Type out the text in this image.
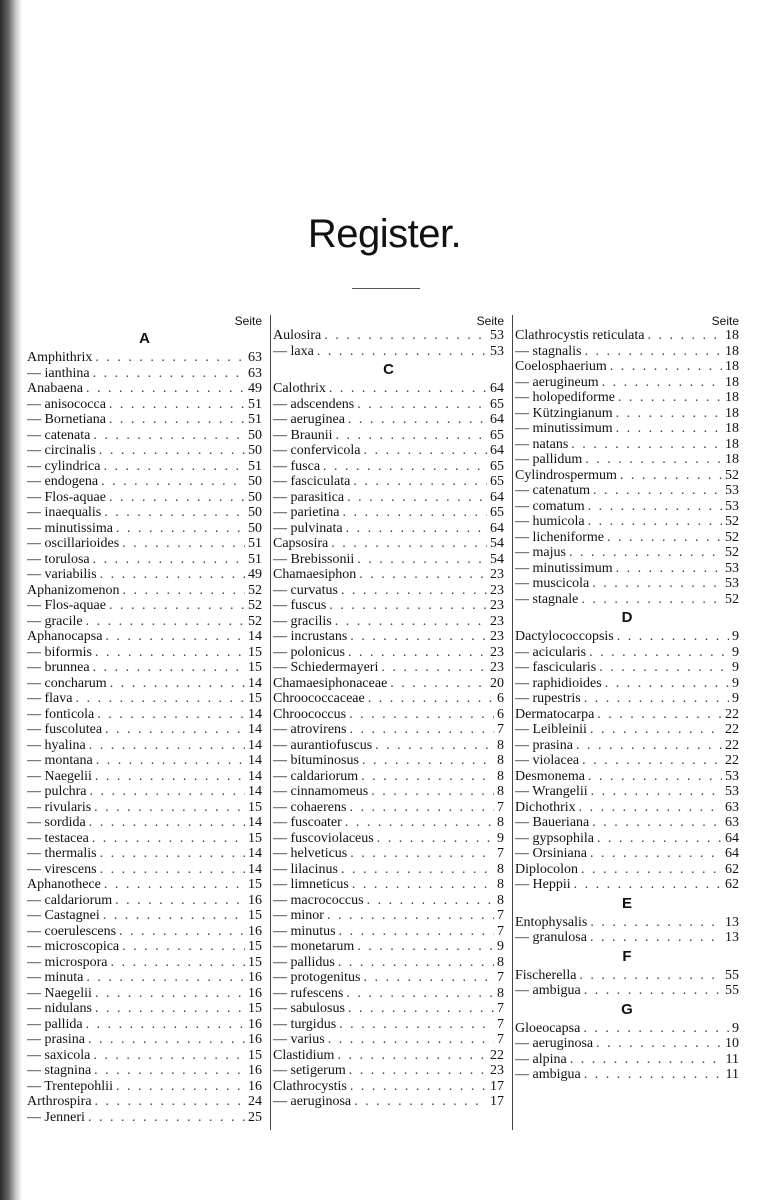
Register.
Seite
A
Amphithrix . . .	63
— ianthina . . .	63
Anabaena . . .	49
— anisococca . . .	51
— Bornetiana . . .	51
— catenata . . .	50
— circinalis . . .	50
— cylindrica . . .	51
— endogena . . .	50
— Flos-aquae . . .	50
— inaequalis . . .	50
— minutissima . . .	50
— oscillarioides . . .	51
— torulosa . . .	51
— variabilis . . .	49
Aphanizomenon . . .	52
— Flos-aquae . . .	52
— gracile . . .	52
Aphanocapsa . . .	14
— biformis . . .	15
— brunnea . . .	15
— concharum . . .	14
— flava . . .	15
— fonticola . . .	14
— fuscolutea . . .	14
— hyalina . . .	14
— montana . . .	14
— Naegelii . . .	14
— pulchra . . .	14
— rivularis . . .	15
— sordida . . .	14
— testacea . . .	15
— thermalis . . .	14
— virescens . . .	14
Aphanothece . . .	15
— caldariorum . . .	16
— Castagnei . . .	15
— coerulescens . . .	16
— microscopica . . .	15
— microspora . . .	15
— minuta . . .	16
— Naegelii . . .	16
— nidulans . . .	15
— pallida . . .	16
— prasina . . .	16
— saxicola . . .	15
— stagnina . . .	16
— Trentepohlii . . .	16
Arthrospira . . .	24
— Jenneri . . .	25
Seite
Aulosira . . .	53
— laxa . . .	53
C
Calothrix . . .	64
— adscendens . . .	65
— aeruginea . . .	64
— Braunii . . .	65
— confervicola . . .	64
— fusca . . .	65
— fasciculata . . .	65
— parasitica . . .	64
— parietina . . .	65
— pulvinata . . .	64
Capsosira . . .	54
— Brebissonii . . .	54
Chamaesiphon . . .	23
— curvatus . . .	23
— fuscus . . .	23
— gracilis . . .	23
— incrustans . . .	23
— polonicus . . .	23
— Schiedermayeri . . .	23
Chamaesiphonaceae . . .	20
Chroococcaceae . . .	6
Chroococcus . . .	6
— atrovirens . . .	7
— aurantiofuscus . . .	8
— bituminosus . . .	8
— caldariorum . . .	8
— cinnamomeus . . .	8
— cohaerens . . .	7
— fuscoater . . .	8
— fuscoviolaceus . . .	9
— helveticus . . .	7
— lilacinus . . .	8
— limneticus . . .	8
— macrococcus . . .	8
— minor . . .	7
— minutus . . .	7
— monetarum . . .	9
— pallidus . . .	8
— protogenitus . . .	7
— rufescens . . .	8
— sabulosus . . .	7
— turgidus . . .	7
— varius . . .	7
Clastidium . . .	22
— setigerum . . .	23
Clathrocystis . . .	17
— aeruginosa . . .	17
Seite
Clathrocystis reticulata . . .	18
— stagnalis . . .	18
Coelosphaerium . . .	18
— aerugineum . . .	18
— holopediforme . . .	18
— Kützingianum . . .	18
— minutissimum . . .	18
— natans . . .	18
— pallidum . . .	18
Cylindrospermum . . .	52
— catenatum . . .	53
— comatum . . .	53
— humicola . . .	52
— licheniforme . . .	52
— majus . . .	52
— minutissimum . . .	53
— muscicola . . .	53
— stagnale . . .	52
D
Dactylococcopsis . . .	9
— acicularis . . .	9
— fascicularis . . .	9
— raphidioides . . .	9
— rupestris . . .	9
Dermatocarpa . . .	22
— Leibleinii . . .	22
— prasina . . .	22
— violacea . . .	22
Desmonema . . .	53
— Wrangelii . . .	53
Dichothrix . . .	63
— Baueriana . . .	63
— gypsophila . . .	64
— Orsiniana . . .	64
Diplocolon . . .	62
— Heppii . . .	62
E
Entophysalis . . .	13
— granulosa . . .	13
F
Fischerella . . .	55
— ambigua . . .	55
G
Gloeocapsa . . .	9
— aeruginosa . . .	10
— alpina . . .	11
— ambigua . . .	11
